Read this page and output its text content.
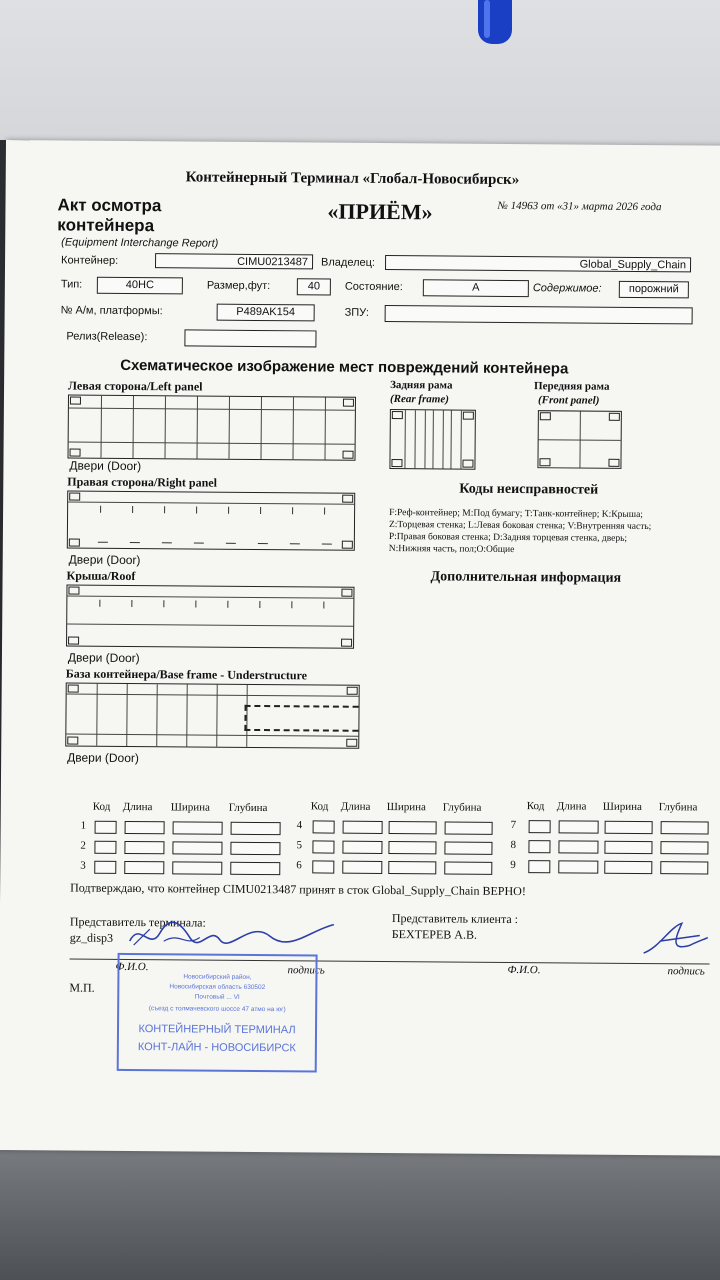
Контейнерный Терминал «Глобал-Новосибирск»
Акт осмотра
контейнера
(Equipment Interchange Report)
«ПРИЁМ»	№ 14963 от «31» марта 2026 года
Контейнер:	CIMU0213487	Владелец:	Global_Supply_Chain
Тип:	40HC	Размер,фут:	40	Состояние:	A	Содержимое:	порожний
№ А/м, платформы:	P489AK154	ЗПУ:
Релиз(Release):
Схематическое изображение мест повреждений контейнера
Левая сторона/Left panel
Двери (Door)
Правая сторона/Right panel
Двери (Door)
Крыша/Roof
Двери (Door)
База контейнера/Base frame - Understructure
Двери (Door)
Задняя рама
(Rear frame)
Передняя рама
(Front panel)
Коды неисправностей
F:Реф-контейнер; M:Под бумагу; T:Танк-контейнер; K:Крыша;
Z:Торцевая стенка; L:Левая боковая стенка; V:Внутренняя часть;
P:Правая боковая стенка; D:Задняя торцевая стенка, дверь;
N:Нижняя часть, пол;O:Общие
Дополнительная информация
Код Длина Ширина Глубина
1
2
3
Код Длина Ширина Глубина
4
5
6
Код Длина Ширина Глубина
7
8
9
Подтверждаю, что контейнер CIMU0213487 принят в сток Global_Supply_Chain ВЕРНО!
Представитель терминала:
gz_disp3
Представитель клиента :
БЕХТЕРЕВ А.В.
Ф.И.О.	подпись	Ф.И.О.	подпись
М.П.
Новосибирский район,
Новосибирская область 630502
Почтовый ... VI
(съезд с толмачевского шоссе 47 атмо на юг)
КОНТЕЙНЕРНЫЙ ТЕРМИНАЛ
КОНТ-ЛАЙН - НОВОСИБИРСК
